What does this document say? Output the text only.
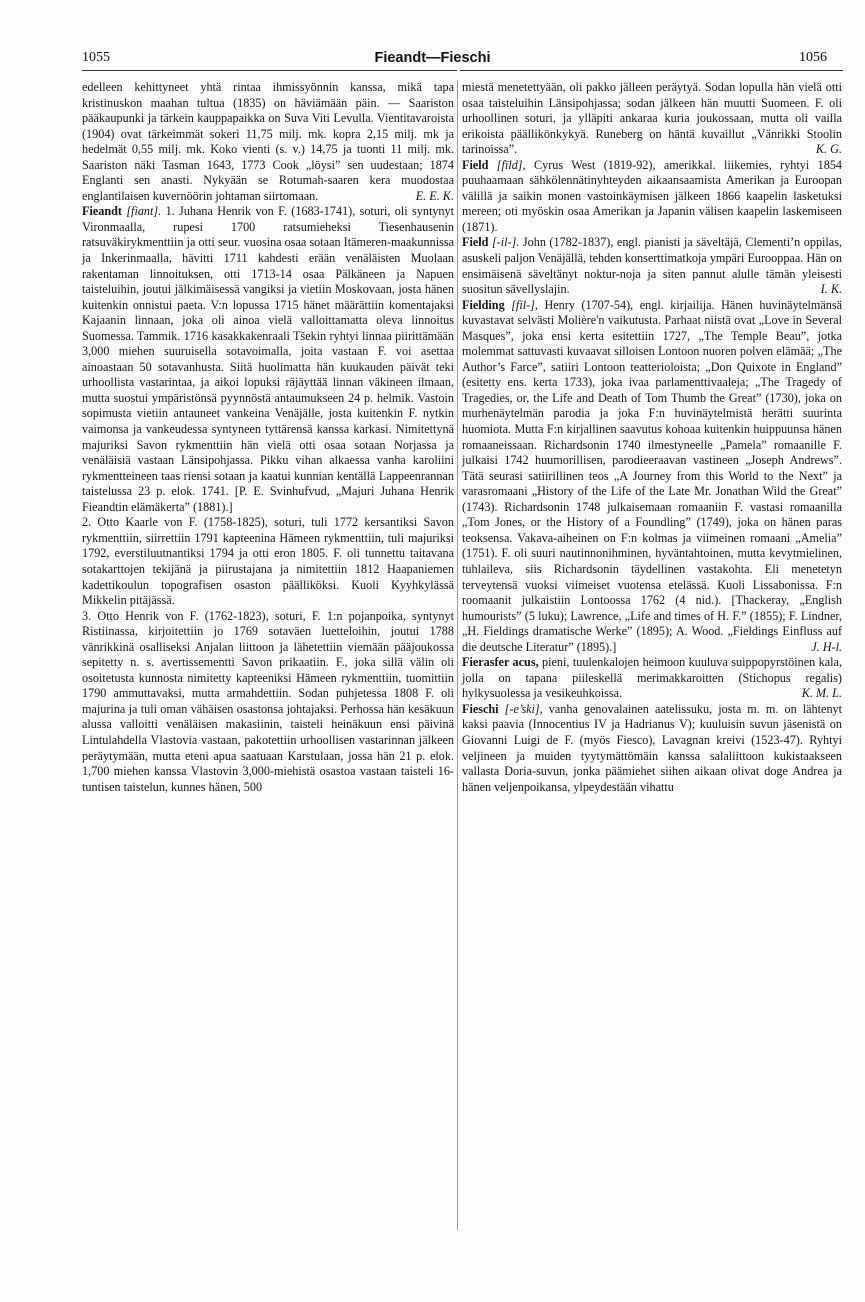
1055	Fieandt—Fieschi	1056

edelleen kehittyneet yhtä rintaa ihmissyönnin kanssa, mikä tapa kristinuskon maahan tultua (1835) on häviämään päin. — Saariston pääkaupunki ja tärkein kauppapaikka on Suva Viti Levulla. Vientitavaroista (1904) ovat tärkeimmät sokeri 11,75 milj. mk. kopra 2,15 milj. mk ja hedelmät 0,55 milj. mk. Koko vienti (s. v.) 14,75 ja tuonti 11 milj. mk. Saariston näki Tasman 1643, 1773 Cook „löysi” sen uudestaan; 1874 Englanti sen anasti. Nykyään se Rotumah-saaren kera muodostaa englantilaisen kuvernöörin johtaman siirtomaan.	E. E. K.

Fieandt [fiant]. 1. Juhana Henrik von F. (1683-1741), soturi, oli syntynyt Vironmaalla, rupesi 1700 ratsumieheksi Tiesenhausenin ratsuväkirykmenttiin ja otti seur. vuosina osaa sotaan Itämeren-maakunnissa ja Inkerinmaalla, hävitti 1711 kahdesti erään venäläisten Muolaan rakentaman linnoituksen, otti 1713-14 osaa Pälkäneen ja Napuen taisteluihin, joutui jälkimäisessä vangiksi ja vietiin Moskovaan, josta hänen kuitenkin onnistui paeta. V:n lopussa 1715 hänet määrättiin komentajaksi Kajaanin linnaan, joka oli ainoa vielä valloittamatta oleva linnoitus Suomessa. Tammik. 1716 kasakkakenraali Tšekin ryhtyi linnaa piirittämään 3,000 miehen suuruisella sotavoimalla, joita vastaan F. voi asettaa ainoastaan 50 sotavanhusta. Siitä huolimatta hän kuukauden päivät teki urhoollista vastarintaa, ja aikoi lopuksi räjäyttää linnan väkineen ilmaan, mutta suostui ympäristönsä pyynnöstä antaumukseen 24 p. helmik. Vastoin sopimusta vietiin antauneet vankeina Venäjälle, josta kuitenkin F. nytkin vaimonsa ja vankeudessa syntyneen tyttärensä kanssa karkasi. Nimitettynä majuriksi Savon rykmenttiin hän vielä otti osaa sotaan Norjassa ja venäläisiä vastaan Länsipohjassa. Pikku vihan alkaessa vanha karoliini rykmentteineen taas riensi sotaan ja kaatui kunnian kentällä Lappeenrannan taistelussa 23 p. elok. 1741. [P. E. Svinhufvud, „Majuri Juhana Henrik Fieandtin elämäkerta” (1881).]

2. Otto Kaarle von F. (1758-1825), soturi, tuli 1772 kersantiksi Savon rykmenttiin, siirrettiin 1791 kapteenina Hämeen rykmenttiin, tuli majuriksi 1792, everstiluutnantiksi 1794 ja otti eron 1805. F. oli tunnettu taitavana sotakarttojen tekijänä ja piirustajana ja nimitettiin 1812 Haapaniemen kadettikoulun topografisen osaston päälliköksi. Kuoli Kyyhkylässä Mikkelin pitäjässä.

3. Otto Henrik von F. (1762-1823), soturi, F. 1:n pojanpoika, syntynyt Ristiinassa, kirjoitettiin jo 1769 sotaväen luetteloihin, joutui 1788 vänrikkinä osalliseksi Anjalan liittoon ja lähetettiin viemään pääjoukossa sepitetty n. s. avertissementti Savon prikaatiin. F., joka sillä välin oli osoitetusta kunnosta nimitetty kapteeniksi Hämeen rykmenttiin, tuomittiin 1790 ammuttavaksi, mutta armahdettiin. Sodan puhjetessa 1808 F. oli majurina ja tuli oman vähäisen osastonsa johtajaksi. Perhossa hän kesäkuun alussa valloitti venäläisen makasiinin, taisteli heinäkuun ensi päivinä Lintulahdella Vlastovia vastaan, pakotettiin urhoollisen vastarinnan jälkeen peräytymään, mutta eteni apua saatuaan Karstulaan, jossa hän 21 p. elok. 1,700 miehen kanssa Vlastovin 3,000-miehistä osastoa vastaan taisteli 16-tuntisen taistelun, kunnes hänen, 500

miestä menetettyään, oli pakko jälleen peräytyä. Sodan lopulla hän vielä otti osaa taisteluihin Länsipohjassa; sodan jälkeen hän muutti Suomeen. F. oli urhoollinen soturi, ja ylläpiti ankaraa kuria joukossaan, mutta oli vailla erikoista päällikönkykyä. Runeberg on häntä kuvaillut „Vänrikki Stoolin tarinoissa”.	K. G.

Field [fīld], Cyrus West (1819-92), amerikkal. liikemies, ryhtyi 1854 puuhaamaan sähkölennätinyhteyden aikaansaamista Amerikan ja Euroopan välillä ja saikin monen vastoinkäymisen jälkeen 1866 kaapelin lasketuksi mereen; oti myöskin osaa Amerikan ja Japanin välisen kaapelin laskemiseen (1871).

Field [-il-]. John (1782-1837), engl. pianisti ja säveltäjä, Clementi’n oppilas, asuskeli paljon Venäjällä, tehden konserttimatkoja ympäri Eurooppaa. Hän on ensimäisenä säveltänyt noktur-noja ja siten pannut alulle tämän yleisesti suositun sävellyslajin.	I. K.

Fielding [fil-], Henry (1707-54), engl. kirjailija. Hänen huvinäytelmänsä kuvastavat selvästi Molière'n vaikutusta. Parhaat niistä ovat „Love in Several Masques”, joka ensi kerta esitettiin 1727, „The Temple Beau”, jotka molemmat sattuvasti kuvaavat silloisen Lontoon nuoren polven elämää; „The Author’s Farce”, satiiri Lontoon teatterioloista; „Don Quixote in England” (esitetty ens. kerta 1733), joka ivaa parlamenttivaaleja; „The Tragedy of Tragedies, or, the Life and Death of Tom Thumb the Great” (1730), joka on murhenäytelmän parodia ja joka F:n huvinäytelmistä herätti suurinta huomiota. Mutta F:n kirjallinen saavutus kohoaa kuitenkin huippuunsa hänen romaaneissaan. Richardsonin 1740 ilmestyneelle „Pamela” romaanille F. julkaisi 1742 huumorillisen, parodieeraavan vastineen „Joseph Andrews”. Tätä seurasi satiirillinen teos „A Journey from this World to the Next” ja varasromaani „History of the Life of the Late Mr. Jonathan Wild the Great” (1743). Richardsonin 1748 julkaisemaan romaaniin F. vastasi romaanilla „Tom Jones, or the History of a Foundling” (1749), joka on hänen paras teoksensa. Vakava-aiheinen on F:n kolmas ja viimeinen romaani „Amelia” (1751). F. oli suuri nautinnonihminen, hyväntahtoinen, mutta kevytmielinen, tuhlaileva, siis Richardsonin täydellinen vastakohta. Eli menetetyn terveytensä vuoksi viimeiset vuotensa etelässä. Kuoli Lissabonissa. F:n roomaanit julkaistiin Lontoossa 1762 (4 nid.). [Thackeray, „English humourists” (5 luku); Lawrence, „Life and times of H. F.” (1855); F. Lindner, „H. Fieldings dramatische Werke” (1895); A. Wood. „Fieldings Einfluss auf die deutsche Literatur” (1895).]	J. H-l.

Fierasfer acus, pieni, tuulenkalojen heimoon kuuluva suippopyrstöinen kala, jolla on tapana piileskellä merimakkaroitten (Stichopus regalis) hylkysuolessa ja vesikeuhkoissa.	K. M. L.

Fieschi [-e’ski], vanha genovalainen aatelissuku, josta m. m. on lähtenyt kaksi paavia (Innocentius IV ja Hadrianus V); kuuluisin suvun jäsenistä on Giovanni Luigi de F. (myös Fiesco), Lavagnan kreivi (1523-47). Ryhtyi veljineen ja muiden tyytymättömäin kanssa salaliittoon kukistaakseen vallasta Doria-suvun, jonka päämiehet siihen aikaan olivat doge Andrea ja hänen veljenpoikansa, ylpeydestään vihattu
